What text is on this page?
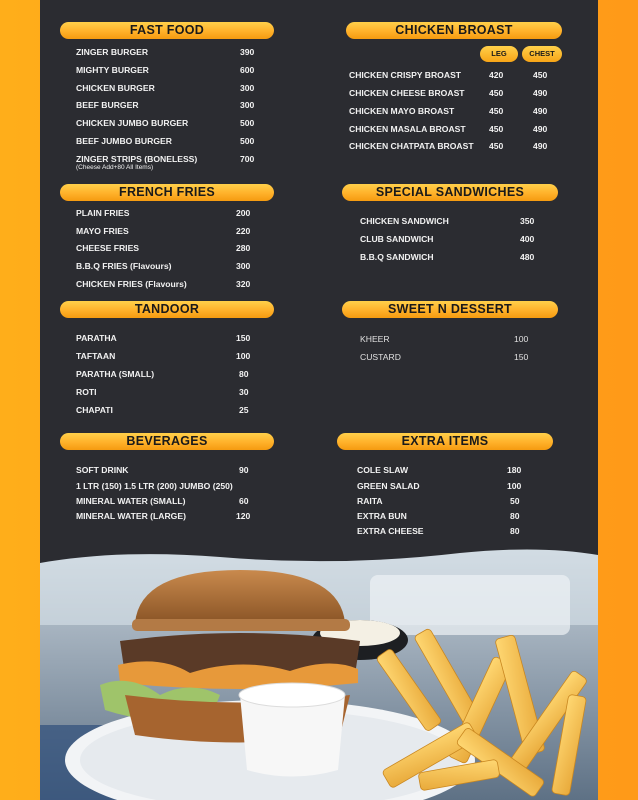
FAST FOOD
ZINGER BURGER	390
MIGHTY BURGER	600
CHICKEN BURGER	300
BEEF BURGER	300
CHICKEN JUMBO BURGER	500
BEEF JUMBO BURGER	500
ZINGER STRIPS (BONELESS)	700
(Cheese Add+80 All Items)
CHICKEN BROAST
LEG	CHEST
CHICKEN CRISPY BROAST	420	450
CHICKEN CHEESE BROAST	450	490
CHICKEN MAYO BROAST	450	490
CHICKEN MASALA BROAST	450	490
CHICKEN CHATPATA BROAST 450	490
FRENCH FRIES
PLAIN FRIES	200
MAYO FRIES	220
CHEESE FRIES	280
B.B.Q FRIES (Flavours)	300
CHICKEN FRIES (Flavours)	320
SPECIAL SANDWICHES
CHICKEN SANDWICH	350
CLUB SANDWICH	400
B.B.Q SANDWICH	480
TANDOOR
PARATHA	150
TAFTAAN	100
PARATHA (SMALL)	80
ROTI	30
CHAPATI	25
SWEET N DESSERT
KHEER	100
CUSTARD	150
BEVERAGES
SOFT DRINK	90
1 LTR (150) 1.5 LTR (200) JUMBO (250)
MINERAL WATER (SMALL)	60
MINERAL WATER (LARGE)	120
EXTRA ITEMS
COLE SLAW	180
GREEN SALAD	100
RAITA	50
EXTRA BUN	80
EXTRA CHEESE	80
